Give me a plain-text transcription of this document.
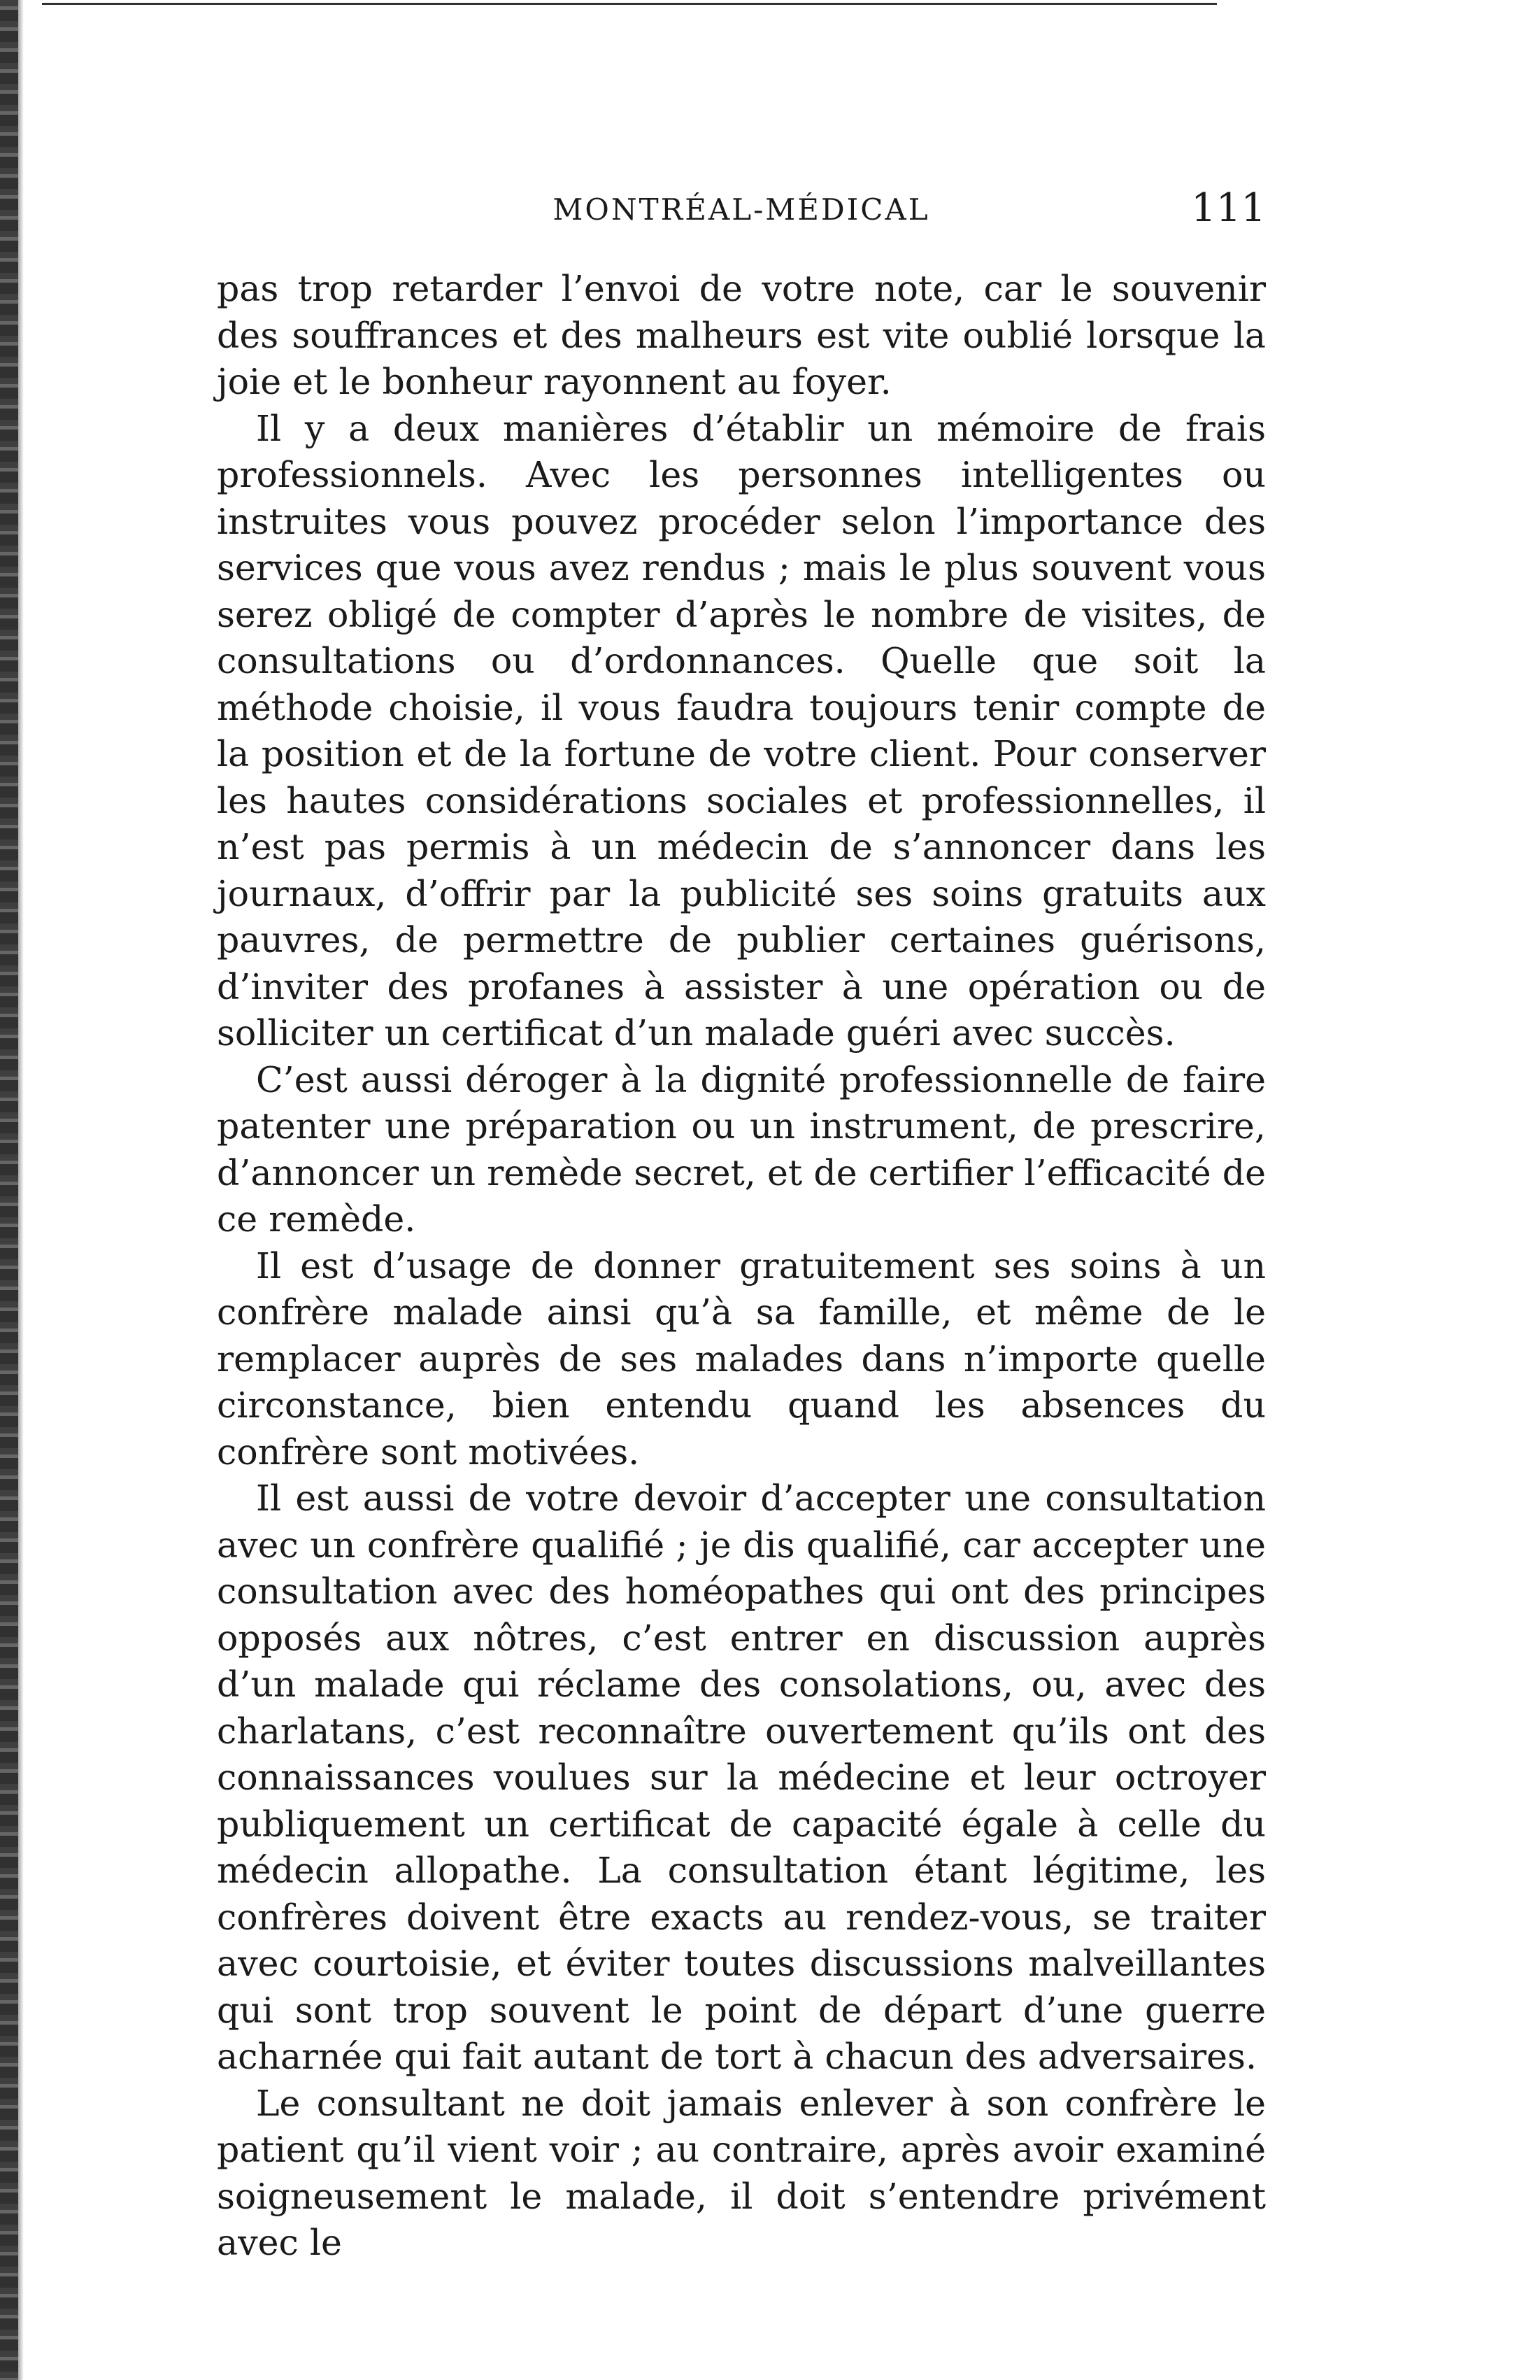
MONTRÉAL-MÉDICAL	111

pas trop retarder l’envoi de votre note, car le souvenir des souffrances et des malheurs est vite oublié lorsque la joie et le bonheur rayonnent au foyer.

Il y a deux manières d’établir un mémoire de frais professionnels. Avec les personnes intelligentes ou instruites vous pouvez procéder selon l’importance des services que vous avez rendus ; mais le plus souvent vous serez obligé de compter d’après le nombre de visites, de consultations ou d’ordonnances. Quelle que soit la méthode choisie, il vous faudra toujours tenir compte de la position et de la fortune de votre client. Pour conserver les hautes considérations sociales et professionnelles, il n’est pas permis à un médecin de s’annoncer dans les journaux, d’offrir par la publicité ses soins gratuits aux pauvres, de permettre de publier certaines guérisons, d’inviter des profanes à assister à une opération ou de solliciter un certificat d’un malade guéri avec succès.

C’est aussi déroger à la dignité professionnelle de faire patenter une préparation ou un instrument, de prescrire, d’annoncer un remède secret, et de certifier l’efficacité de ce remède.

Il est d’usage de donner gratuitement ses soins à un confrère malade ainsi qu’à sa famille, et même de le remplacer auprès de ses malades dans n’importe quelle circonstance, bien entendu quand les absences du confrère sont motivées.

Il est aussi de votre devoir d’accepter une consultation avec un confrère qualifié ; je dis qualifié, car accepter une consultation avec des homéopathes qui ont des principes opposés aux nôtres, c’est entrer en discussion auprès d’un malade qui réclame des consolations, ou, avec des charlatans, c’est reconnaître ouvertement qu’ils ont des connaissances voulues sur la médecine et leur octroyer publiquement un certificat de capacité égale à celle du médecin allopathe. La consultation étant légitime, les confrères doivent être exacts au rendez-vous, se traiter avec courtoisie, et éviter toutes discussions malveillantes qui sont trop souvent le point de départ d’une guerre acharnée qui fait autant de tort à chacun des adversaires.

Le consultant ne doit jamais enlever à son confrère le patient qu’il vient voir ; au contraire, après avoir examiné soigneusement le malade, il doit s’entendre privément avec le
